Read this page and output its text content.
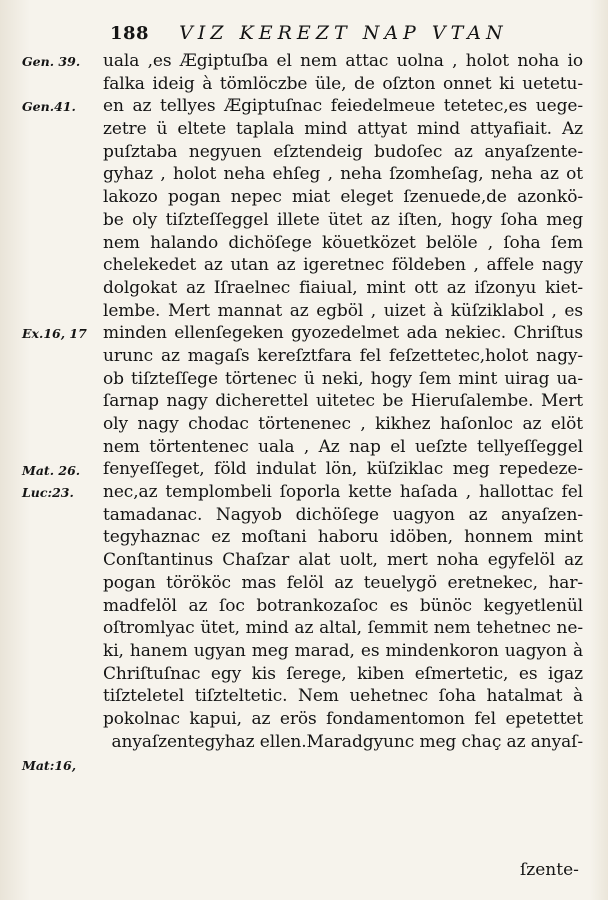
188 VIZ KEREZT NAP VTAN
Gen. 39.
Gen.41.
Ex.16, 17
Mat. 26.
Luc:23.
Mat:16,
uala ,es Ægiptuſba el nem attac uolna , holot noha io
falka ideig à tömlöczbe üle, de oſzton onnet ki uetetu-
en az tellyes Ægiptuſnac feiedelmeue tetetec,es uege-
zetre ü eltete taplala mind attyat mind attyafiait. Az
puſztaba negyuen eſztendeig budoſec az anyaſzente-
gyhaz , holot neha ehſeg , neha ſzomheſag, neha az ot
lakozo pogan nepec miat eleget ſzenuede,de azonkö-
be oly tiſzteſſeggel illete ütet az iſten, hogy ſoha meg
nem halando dichöſege köuetközet belöle , ſoha ſem
chelekedet az utan az igeretnec földeben , affele nagy
dolgokat az Iſraelnec fiaiual, mint ott az iſzonyu kiet-
lembe. Mert mannat az egböl , uizet à küſziklabol , es
minden ellenſegeken gyozedelmet ada nekiec. Chriſtus
urunc az magaſs kereſztfara fel feſzettetec,holot nagy-
ob tiſzteſſege törtenec ü neki, hogy ſem mint uirag ua-
ſarnap nagy dicherettel uitetec be Hieruſalembe. Mert
oly nagy chodac törtenenec , kikhez haſonloc az elöt
nem törtentenec uala , Az nap el ueſzte tellyeſſeggel
fenyeſſeget, föld indulat lön, küſziklac meg repedeze-
nec,az templombeli ſoporla kette haſada , hallottac fel
tamadanac. Nagyob dichöſege uagyon az anyaſzen-
tegyhaznac ez moſtani haboru idöben, honnem mint
Conſtantinus Chaſzar alat uolt, mert noha egyfelöl az
pogan törököc mas felöl az teuelygö eretnekec, har-
madfelöl az ſoc botrankozaſoc es bünöc kegyetlenül
oſtromlyac ütet, mind az altal, ſemmit nem tehetnec ne-
ki, hanem ugyan meg marad, es mindenkoron uagyon à
Chriſtuſnac egy kis ſerege, kiben eſmertetic, es igaz
tiſzteletel tiſzteltetic. Nem uehetnec ſoha hatalmat à
pokolnac kapui, az erös fondamentomon fel epetettet
anyaſzentegyhaz ellen.Maradgyunc meg chaç az anyaſ-
ſzente-
